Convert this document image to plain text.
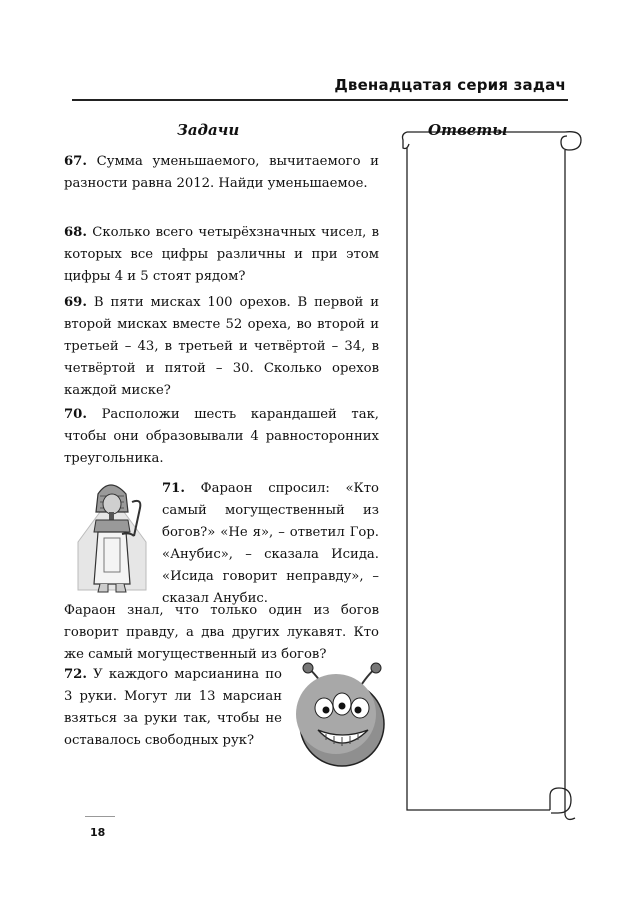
Двенадцатая серия задач
Задачи	Ответы
67. Сумма уменьшаемого, вычитаемого и разности равна 2012. Найди уменьшаемое.
68. Сколько всего четырёхзначных чисел, в которых все цифры различны и при этом цифры 4 и 5 стоят рядом?
69. В пяти мисках 100 орехов. В первой и второй мисках вместе 52 ореха, во второй и третьей – 43, в третьей и четвёртой – 34, в четвёртой и пятой – 30. Сколько орехов каждой миске?
70. Расположи шесть карандашей так, чтобы они образовывали 4 равносторонних треугольника.
71. Фараон спросил: «Кто самый могущественный из богов?» «Не я», – ответил Гор. «Анубис», – сказала Исида. «Исида говорит неправду», – сказал Анубис.
Фараон знал, что только один из богов говорит правду, а два других лукавят. Кто же самый могущественный из богов?
72. У каждого марсианина по 3 руки. Могут ли 13 марсиан взяться за руки так, чтобы не оставалось свободных рук?
18
